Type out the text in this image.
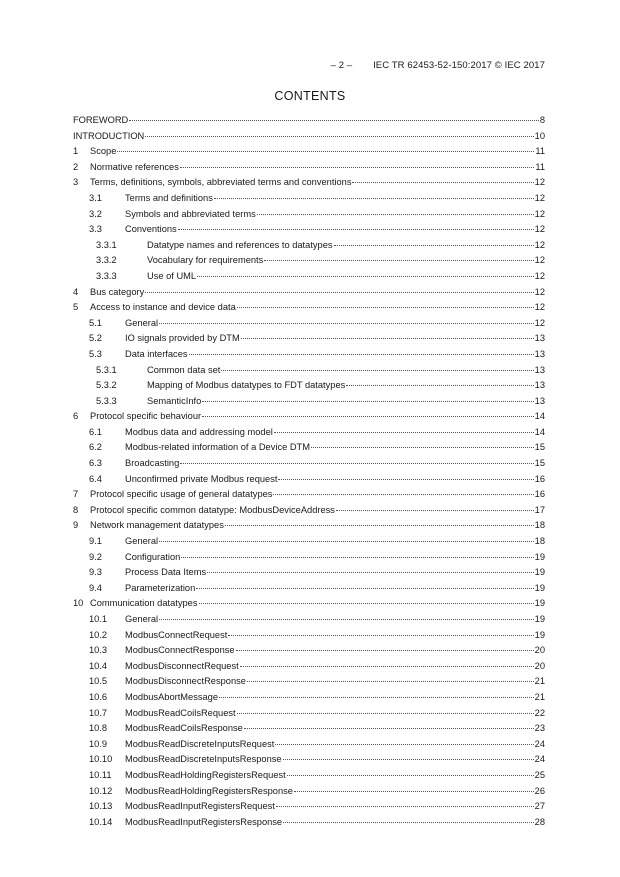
– 2 – IEC TR 62453-52-150:2017 © IEC 2017
CONTENTS
FOREWORD	8
INTRODUCTION	10
1	Scope	11
2	Normative references	11
3	Terms, definitions, symbols, abbreviated terms and conventions	12
3.1	Terms and definitions	12
3.2	Symbols and abbreviated terms	12
3.3	Conventions	12
3.3.1	Datatype names and references to datatypes	12
3.3.2	Vocabulary for requirements	12
3.3.3	Use of UML	12
4	Bus category	12
5	Access to instance and device data	12
5.1	General	12
5.2	IO signals provided by DTM	13
5.3	Data interfaces	13
5.3.1	Common data set	13
5.3.2	Mapping of Modbus datatypes to FDT datatypes	13
5.3.3	SemanticInfo	13
6	Protocol specific behaviour	14
6.1	Modbus data and addressing model	14
6.2	Modbus-related information of a Device DTM	15
6.3	Broadcasting	15
6.4	Unconfirmed private Modbus request	16
7	Protocol specific usage of general datatypes	16
8	Protocol specific common datatype: ModbusDeviceAddress	17
9	Network management datatypes	18
9.1	General	18
9.2	Configuration	19
9.3	Process Data Items	19
9.4	Parameterization	19
10 Communication datatypes	19
10.1	General	19
10.2	ModbusConnectRequest	19
10.3	ModbusConnectResponse	20
10.4	ModbusDisconnectRequest	20
10.5	ModbusDisconnectResponse	21
10.6	ModbusAbortMessage	21
10.7	ModbusReadCoilsRequest	22
10.8	ModbusReadCoilsResponse	23
10.9	ModbusReadDiscreteInputsRequest	24
10.10	ModbusReadDiscreteInputsResponse	24
10.11	ModbusReadHoldingRegistersRequest	25
10.12	ModbusReadHoldingRegistersResponse	26
10.13	ModbusReadInputRegistersRequest	27
10.14	ModbusReadInputRegistersResponse	28
